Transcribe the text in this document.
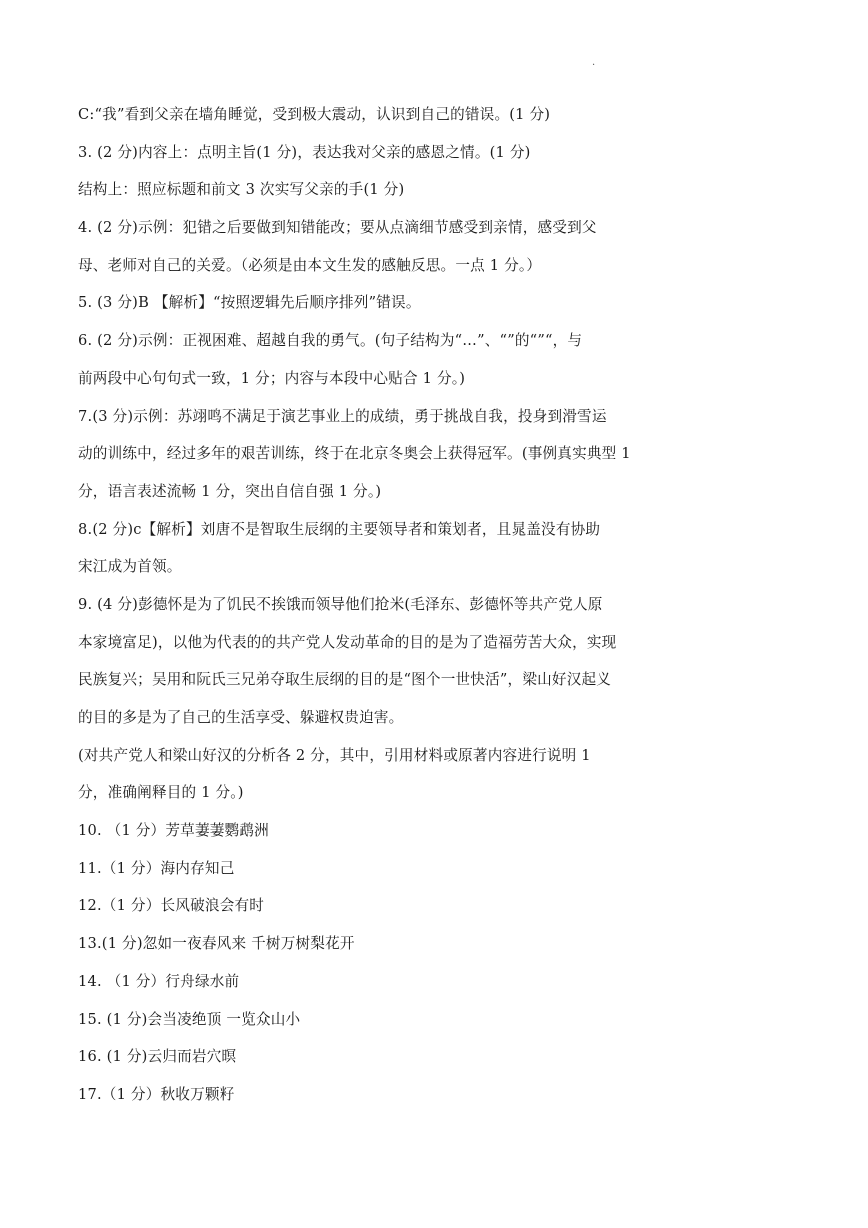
.
C:“我”看到父亲在墙角睡觉，受到极大震动，认识到自己的错误。(1 分)
3. (2 分)内容上：点明主旨(1 分)，表达我对父亲的感恩之情。(1 分)
结构上：照应标题和前文 3 次实写父亲的手(1 分)
4. (2 分)示例：犯错之后要做到知错能改；要从点滴细节感受到亲情，感受到父
母、老师对自己的关爱。（必须是由本文生发的感触反思。一点 1 分。）
5. (3 分)B 【解析】“按照逻辑先后顺序排列”错误。
6. (2 分)示例：正视困难、超越自我的勇气。(句子结构为“…”、“”的“”“，与
前两段中心句句式一致，1 分；内容与本段中心贴合 1 分。)
7.(3 分)示例：苏翊鸣不满足于演艺事业上的成绩，勇于挑战自我，投身到滑雪运
动的训练中，经过多年的艰苦训练，终于在北京冬奥会上获得冠军。(事例真实典型 1
分，语言表述流畅 1 分，突出自信自强 1 分。)
8.(2 分)c【解析】刘唐不是智取生辰纲的主要领导者和策划者，且晁盖没有协助
宋江成为首领。
9. (4 分)彭德怀是为了饥民不挨饿而领导他们抢米(毛泽东、彭德怀等共产党人原
本家境富足)，以他为代表的的共产党人发动革命的目的是为了造福劳苦大众，实现
民族复兴；吴用和阮氏三兄弟夺取生辰纲的目的是“图个一世快活”，梁山好汉起义
的目的多是为了自己的生活享受、躲避权贵迫害。
(对共产党人和梁山好汉的分析各 2 分，其中，引用材料或原著内容进行说明 1
分，准确阐释目的 1 分。)
10. （1 分）芳草萋萋鹦鹉洲
11.（1 分）海内存知己
12.（1 分）长风破浪会有时
13.(1 分)忽如一夜春风来 千树万树梨花开
14. （1 分）行舟绿水前
15. (1 分)会当凌绝顶 一览众山小
16. (1 分)云归而岩穴暝
17.（1 分）秋收万颗籽
